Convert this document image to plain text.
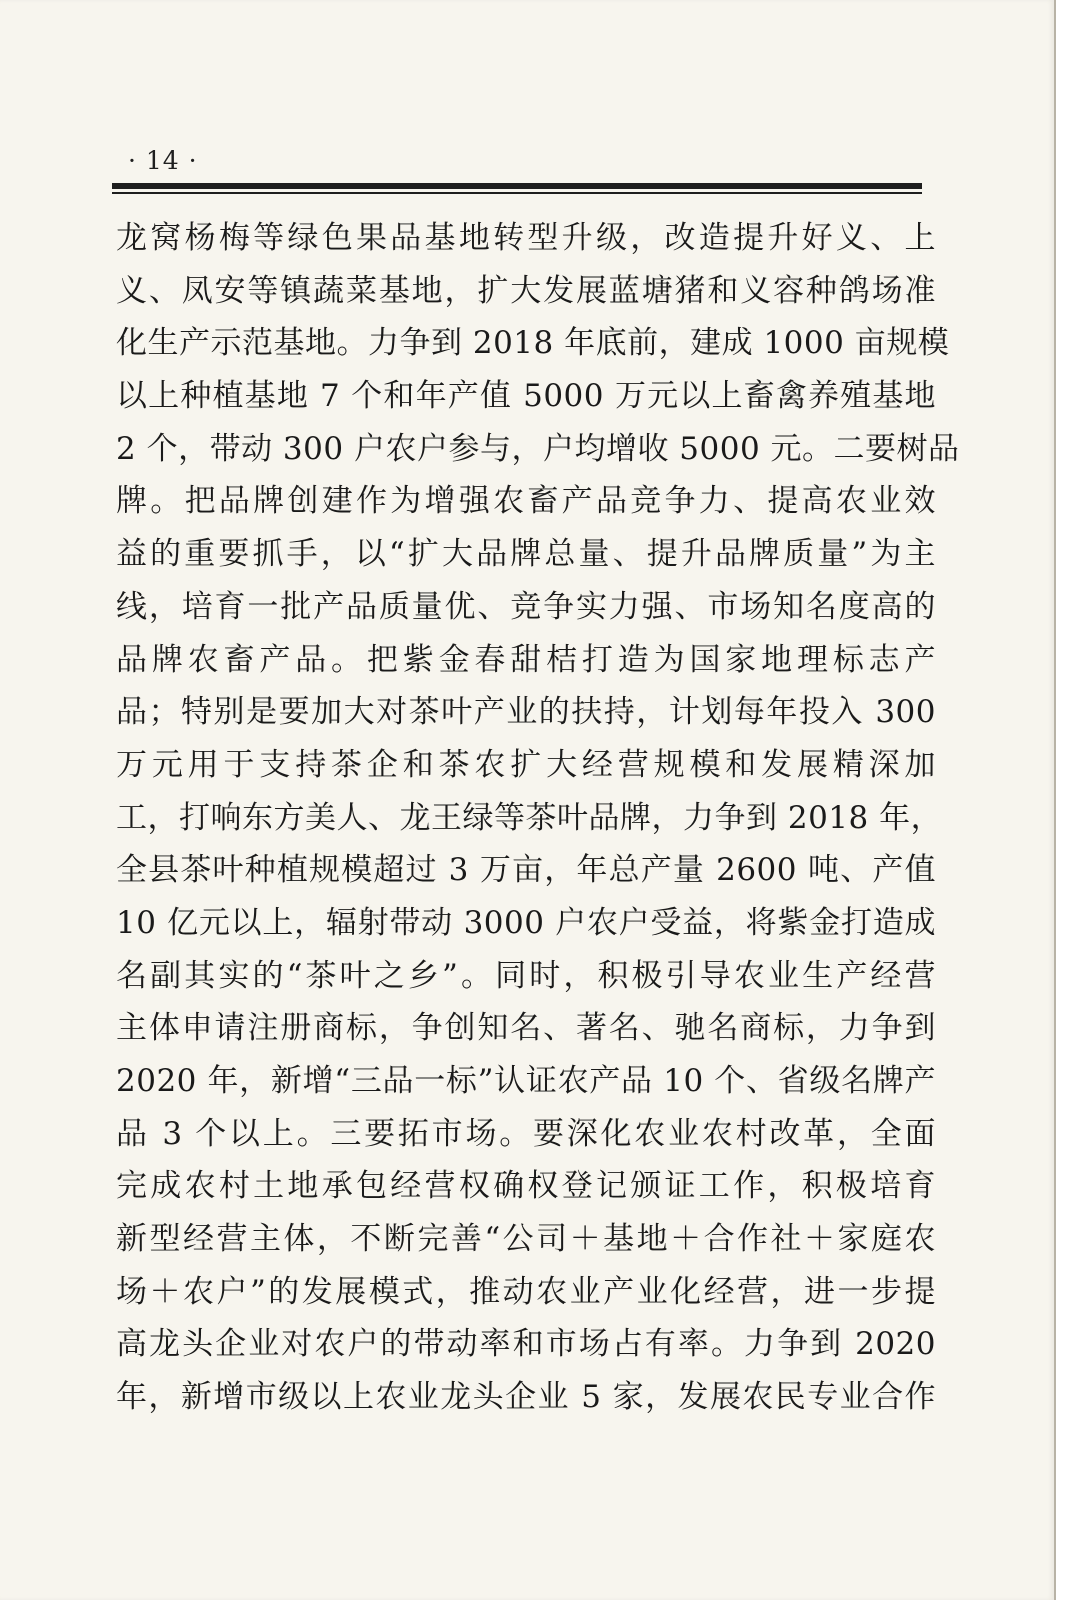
· 14 ·
龙窝杨梅等绿色果品基地转型升级，改造提升好义、上
义、凤安等镇蔬菜基地，扩大发展蓝塘猪和义容种鸽场准
化生产示范基地。力争到 2018 年底前，建成 1000 亩规模
以上种植基地 7 个和年产值 5000 万元以上畜禽养殖基地
2 个，带动 300 户农户参与，户均增收 5000 元。二要树品
牌。把品牌创建作为增强农畜产品竞争力、提高农业效
益的重要抓手，以“扩大品牌总量、提升品牌质量”为主
线，培育一批产品质量优、竞争实力强、市场知名度高的
品牌农畜产品。把紫金春甜桔打造为国家地理标志产
品；特别是要加大对茶叶产业的扶持，计划每年投入 300
万元用于支持茶企和茶农扩大经营规模和发展精深加
工，打响东方美人、龙王绿等茶叶品牌，力争到 2018 年，
全县茶叶种植规模超过 3 万亩，年总产量 2600 吨、产值
10 亿元以上，辐射带动 3000 户农户受益，将紫金打造成
名副其实的“茶叶之乡”。同时，积极引导农业生产经营
主体申请注册商标，争创知名、著名、驰名商标，力争到
2020 年，新增“三品一标”认证农产品 10 个、省级名牌产
品 3 个以上。三要拓市场。要深化农业农村改革，全面
完成农村土地承包经营权确权登记颁证工作，积极培育
新型经营主体，不断完善“公司＋基地＋合作社＋家庭农
场＋农户”的发展模式，推动农业产业化经营，进一步提
高龙头企业对农户的带动率和市场占有率。力争到 2020
年，新增市级以上农业龙头企业 5 家，发展农民专业合作
